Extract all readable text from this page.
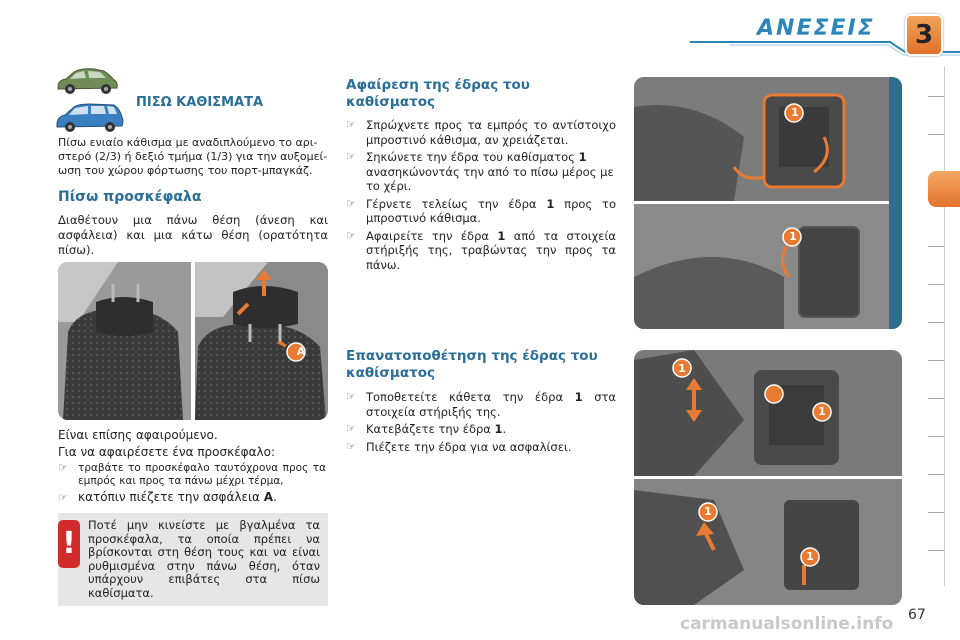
ΑΝΕΣΕΙΣ	3
ΠΙΣΩ ΚΑΘΙΣΜΑΤΑ
Πίσω ενιαίο κάθισμα με αναδιπλούμενο το αρι-
στερό (2/3) ή δεξιό τμήμα (1/3) για την αυξομεί-
ωση του χώρου φόρτωσης του πορτ-μπαγκάζ.
Πίσω προσκέφαλα
Διαθέτουν μια πάνω θέση (άνεση και ασφάλεια) και μια κάτω θέση (ορατότητα πίσω).
A
Είναι επίσης αφαιρούμενο.
Για να αφαιρέσετε ένα προσκέφαλο:
☞ τραβάτε το προσκέφαλο ταυτόχρονα προς τα εμπρός και προς τα πάνω μέχρι τέρμα,
☞ κατόπιν πιέζετε την ασφάλεια A.
!
Ποτέ μην κινείστε με βγαλμένα τα προσκέφαλα, τα οποία πρέπει να βρίσκονται στη θέση τους και να είναι ρυθμισμένα στην πάνω θέση, όταν υπάρχουν επιβάτες στα πίσω καθίσματα.
Αφαίρεση της έδρας του καθίσματος
☞ Σπρώχνετε προς τα εμπρός το αντίστοιχο μπροστινό κάθισμα, αν χρειάζεται.
☞ Σηκώνετε την έδρα του καθίσματος 1 ανασηκώνοντάς την από το πίσω μέρος με το χέρι.
☞ Γέρνετε τελείως την έδρα 1 προς το μπροστινό κάθισμα.
☞ Αφαιρείτε την έδρα 1 από τα στοιχεία στήριξής της, τραβώντας την προς τα πάνω.
Επανατοποθέτηση της έδρας του καθίσματος
☞ Τοποθετείτε κάθετα την έδρα 1 στα στοιχεία στήριξής της.
☞ Κατεβάζετε την έδρα 1.
☞ Πιέζετε την έδρα για να ασφαλίσει.
1
1
1
1
1
1
67
carmanualsonline.info
